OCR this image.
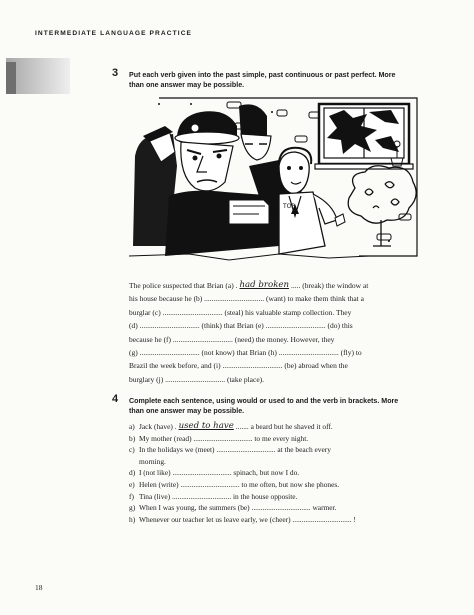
INTERMEDIATE LANGUAGE PRACTICE
3 Put each verb given into the past simple, past continuous or past perfect. More
than one answer may be possible.
TOP
The police suspected that Brian (a) . had broken ..... (break) the window at
his house because he (b) ................................ (want) to make them think that a
burglar (c) ................................ (steal) his valuable stamp collection. They
(d) ................................ (think) that Brian (e) ................................ (do) this
because he (f) ................................ (need) the money. However, they
(g) ................................ (not know) that Brian (h) ................................ (fly) to
Brazil the week before, and (i) ................................ (be) abroad when the
burglary (j) ................................ (take place).
4 Complete each sentence, using would or used to and the verb in brackets. More
than one answer may be possible.
a) Jack (have) . used to have ....... a beard but he shaved it off.
b) My mother (read) ................................ to me every night.
c) In the holidays we (meet) ................................ at the beach every
morning.
d) I (not like) ................................ spinach, but now I do.
e) Helen (write) ................................ to me often, but now she phones.
f) Tina (live) ................................ in the house opposite.
g) When I was young, the summers (be) ................................ warmer.
h) Whenever our teacher let us leave early, we (cheer) ................................ !
18
